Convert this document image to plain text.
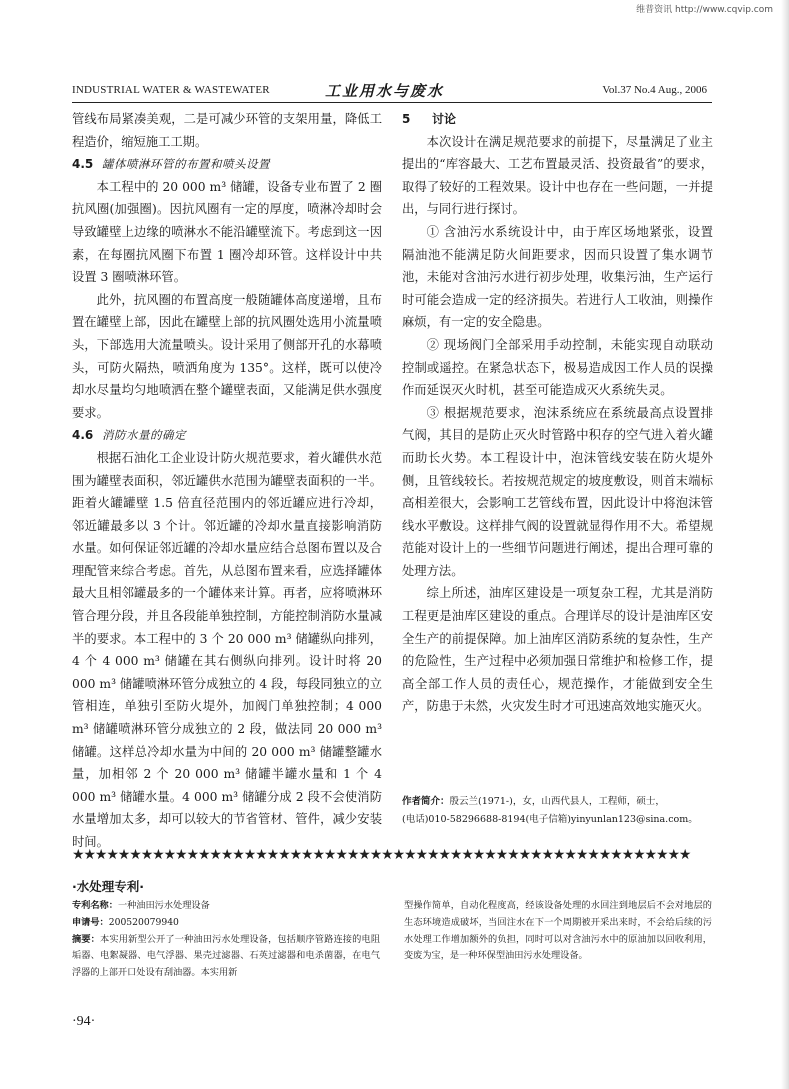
维普资讯 http://www.cqvip.com
INDUSTRIAL WATER & WASTEWATER	工业用水与废水	Vol.37 No.4 Aug., 2006

管线布局紧凑美观，二是可减少环管的支架用量，降低工程造价，缩短施工工期。

4.5 罐体喷淋环管的布置和喷头设置

本工程中的 20 000 m³ 储罐，设备专业布置了 2 圈抗风圈(加强圈)。因抗风圈有一定的厚度，喷淋冷却时会导致罐壁上边缘的喷淋水不能沿罐壁流下。考虑到这一因素，在每圈抗风圈下布置 1 圈冷却环管。这样设计中共设置 3 圈喷淋环管。

此外，抗风圈的布置高度一般随罐体高度递增，且布置在罐壁上部，因此在罐壁上部的抗风圈处选用小流量喷头，下部选用大流量喷头。设计采用了侧部开孔的水幕喷头，可防火隔热，喷洒角度为 135°。这样，既可以使冷却水尽量均匀地喷洒在整个罐壁表面，又能满足供水强度要求。

4.6 消防水量的确定

根据石油化工企业设计防火规范要求，着火罐供水范围为罐壁表面积，邻近罐供水范围为罐壁表面积的一半。距着火罐罐壁 1.5 倍直径范围内的邻近罐应进行冷却，邻近罐最多以 3 个计。邻近罐的冷却水量直接影响消防水量。如何保证邻近罐的冷却水量应结合总图布置以及合理配管来综合考虑。首先，从总图布置来看，应选择罐体最大且相邻罐最多的一个罐体来计算。再者，应将喷淋环管合理分段，并且各段能单独控制，方能控制消防水量减半的要求。本工程中的 3 个 20 000 m³ 储罐纵向排列，4 个 4 000 m³ 储罐在其右侧纵向排列。设计时将 20 000 m³ 储罐喷淋环管分成独立的 4 段，每段同独立的立管相连，单独引至防火堤外，加阀门单独控制；4 000 m³ 储罐喷淋环管分成独立的 2 段，做法同 20 000 m³ 储罐。这样总冷却水量为中间的 20 000 m³ 储罐整罐水量，加相邻 2 个 20 000 m³ 储罐半罐水量和 1 个 4 000 m³ 储罐水量。4 000 m³ 储罐分成 2 段不会使消防水量增加太多，却可以较大的节省管材、管件，减少安装时间。

5 讨论

本次设计在满足规范要求的前提下，尽量满足了业主提出的“库容最大、工艺布置最灵活、投资最省”的要求，取得了较好的工程效果。设计中也存在一些问题，一并提出，与同行进行探讨。

① 含油污水系统设计中，由于库区场地紧张，设置隔油池不能满足防火间距要求，因而只设置了集水调节池，未能对含油污水进行初步处理，收集污油，生产运行时可能会造成一定的经济损失。若进行人工收油，则操作麻烦，有一定的安全隐患。

② 现场阀门全部采用手动控制，未能实现自动联动控制或遥控。在紧急状态下，极易造成因工作人员的误操作而延误灭火时机，甚至可能造成灭火系统失灵。

③ 根据规范要求，泡沫系统应在系统最高点设置排气阀，其目的是防止灭火时管路中积存的空气进入着火罐而助长火势。本工程设计中，泡沫管线安装在防火堤外侧，且管线较长。若按规范规定的坡度敷设，则首末端标高相差很大，会影响工艺管线布置，因此设计中将泡沫管线水平敷设。这样排气阀的设置就显得作用不大。希望规范能对设计上的一些细节问题进行阐述，提出合理可靠的处理方法。

综上所述，油库区建设是一项复杂工程，尤其是消防工程更是油库区建设的重点。合理详尽的设计是油库区安全生产的前提保障。加上油库区消防系统的复杂性，生产的危险性，生产过程中必须加强日常维护和检修工作，提高全部工作人员的责任心，规范操作，才能做到安全生产，防患于未然，火灾发生时才可迅速高效地实施灭火。

作者简介：殷云兰(1971-)，女，山西代县人，工程师，硕士，
(电话)010-58296688-8194(电子信箱)yinyunlan123@sina.com。
★★★★★★★★★★★★★★★★★★★★★★★★★★★★★★★★★★★★★★★★★★★★★★★★★★★★★★
·水处理专利·
专利名称：一种油田污水处理设备
申请号：200520079940
摘要：本实用新型公开了一种油田污水处理设备，包括顺序管路连接的电阻垢器、电絮凝器、电气浮器、果壳过滤器、石英过滤器和电杀菌器，在电气浮器的上部开口处设有刮油器。本实用新
型操作简单，自动化程度高，经该设备处理的水回注到地层后不会对地层的生态环境造成破坏，当回注水在下一个周期被开采出来时，不会给后续的污水处理工作增加额外的负担，同时可以对含油污水中的原油加以回收利用，变废为宝，是一种环保型油田污水处理设备。
·94·
